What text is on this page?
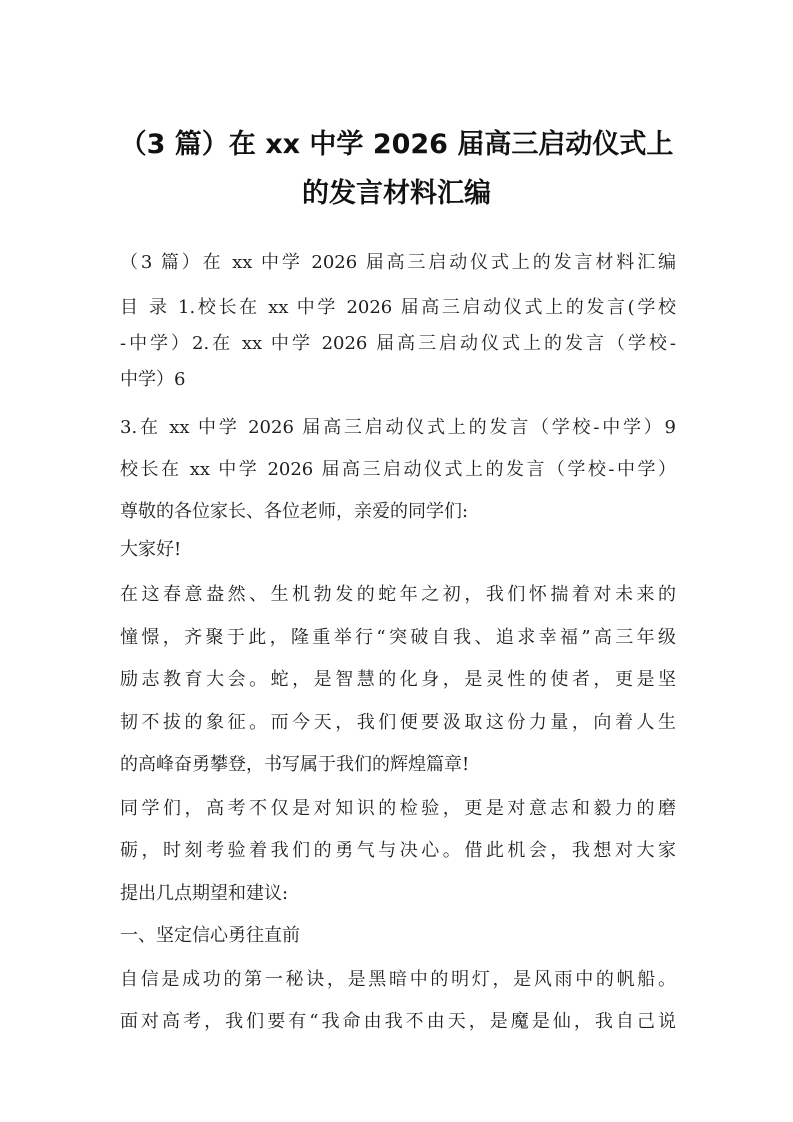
（3 篇）在 xx 中学 2026 届高三启动仪式上
的发言材料汇编

（3 篇）在 xx 中学 2026 届高三启动仪式上的发言材料汇编

目 录 1.校长在 xx 中学 2026 届高三启动仪式上的发言(学校

-中学）2.在 xx 中学 2026 届高三启动仪式上的发言（学校-

中学）6

3.在 xx 中学 2026 届高三启动仪式上的发言（学校-中学）9

校长在 xx 中学 2026 届高三启动仪式上的发言（学校-中学）

尊敬的各位家长、各位老师，亲爱的同学们:

大家好!

在这春意盎然、生机勃发的蛇年之初，我们怀揣着对未来的

憧憬，齐聚于此，隆重举行“突破自我、追求幸福”高三年级

励志教育大会。蛇，是智慧的化身，是灵性的使者，更是坚

韧不拔的象征。而今天，我们便要汲取这份力量，向着人生

的高峰奋勇攀登，书写属于我们的辉煌篇章!

同学们，高考不仅是对知识的检验，更是对意志和毅力的磨

砺，时刻考验着我们的勇气与决心。借此机会，我想对大家

提出几点期望和建议:

一、坚定信心勇往直前

自信是成功的第一秘诀，是黑暗中的明灯，是风雨中的帆船。

面对高考，我们要有“我命由我不由天，是魔是仙，我自己说
